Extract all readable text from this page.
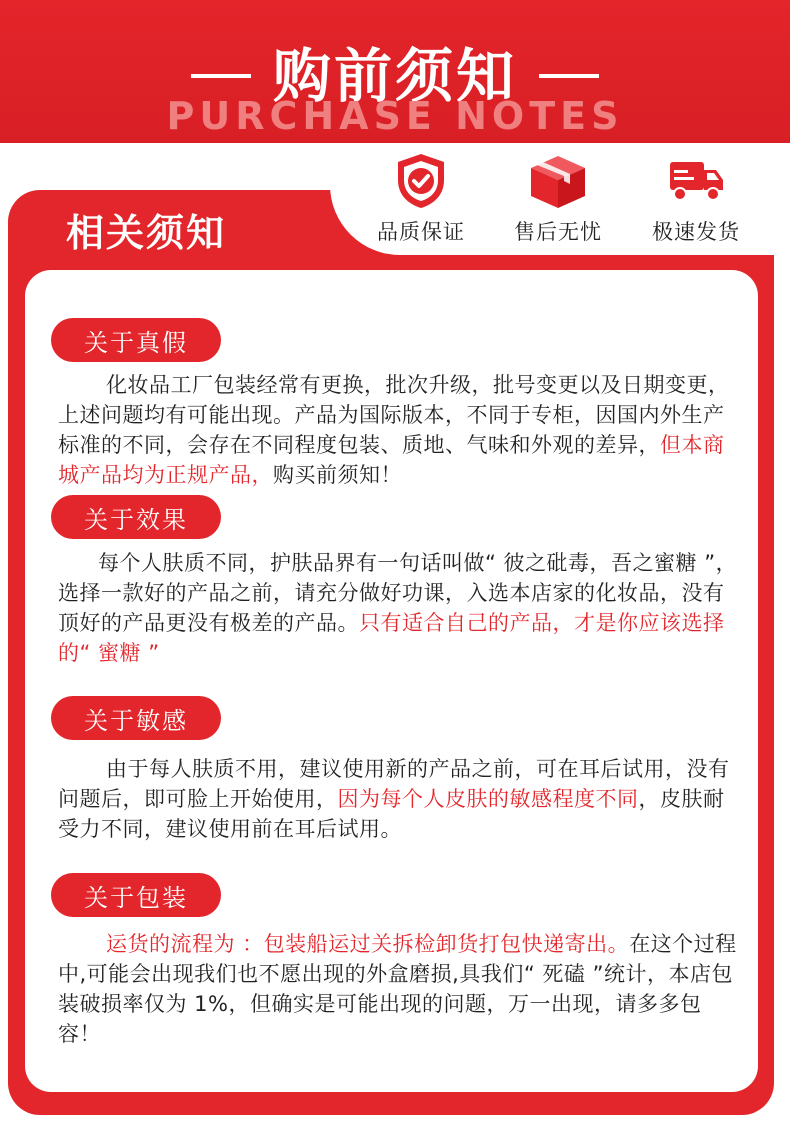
购前须知
PURCHASE NOTES
相关须知	品质保证	售后无忧	极速发货
关于真假
化妆品工厂包装经常有更换，批次升级，批号变更以及日期变更，上述问题均有可能出现。产品为国际版本，不同于专柜，因国内外生产标准的不同，会存在不同程度包装、质地、气味和外观的差异，但本商城产品均为正规产品，购买前须知！
关于效果
每个人肤质不同，护肤品界有一句话叫做“ 彼之砒毒，吾之蜜糖 ”，选择一款好的产品之前，请充分做好功课，入选本店家的化妆品，没有顶好的产品更没有极差的产品。只有适合自己的产品，才是你应该选择的“ 蜜糖 ”
关于敏感
由于每人肤质不用，建议使用新的产品之前，可在耳后试用，没有问题后，即可脸上开始使用，因为每个人皮肤的敏感程度不同，皮肤耐受力不同，建议使用前在耳后试用。
关于包装
运货的流程为 ：包装船运过关拆检卸货打包快递寄出。在这个过程中,可能会出现我们也不愿出现的外盒磨损,具我们“ 死磕 ”统计，本店包装破损率仅为 1%，但确实是可能出现的问题，万一出现，请多多包容！
